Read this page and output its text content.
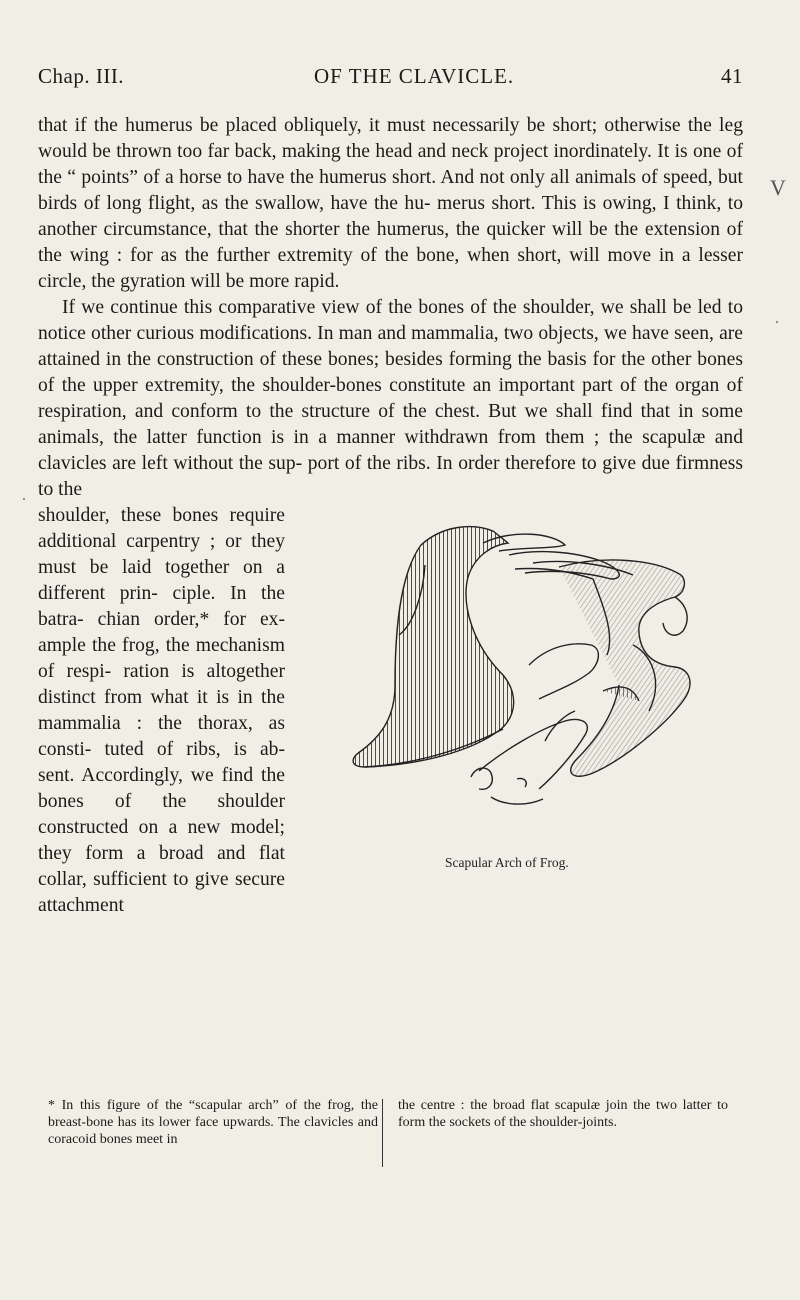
Chap. III.	OF THE CLAVICLE.	41
V
.
.

that if the humerus be placed obliquely, it must necessarily be short; otherwise the leg would be thrown too far back, making the head and neck project inordinately. It is one of the “ points” of a horse to have the humerus short. And not only all animals of speed, but birds of long flight, as the swallow, have the hu- merus short. This is owing, I think, to another circumstance, that the shorter the humerus, the quicker will be the extension of the wing : for as the further extremity of the bone, when short, will move in a lesser circle, the gyration will be more rapid.

If we continue this comparative view of the bones of the shoulder, we shall be led to notice other curious modifications. In man and mammalia, two objects, we have seen, are attained in the construction of these bones; besides forming the basis for the other bones of the upper extremity, the shoulder-bones constitute an important part of the organ of respiration, and conform to the structure of the chest. But we shall find that in some animals, the latter function is in a manner withdrawn from them ; the scapulæ and clavicles are left without the sup- port of the ribs. In order therefore to give due firmness to the

Scapular Arch of Frog.

shoulder, these bones require additional carpentry ; or they must be laid together on a different prin- ciple. In the batra- chian order,* for ex- ample the frog, the mechanism of respi- ration is altogether distinct from what it is in the mammalia : the thorax, as consti- tuted of ribs, is ab- sent. Accordingly, we find the bones of the shoulder constructed on a new model; they form a broad and flat collar, sufficient to give secure attachment

* In this figure of the “scapular arch” of the frog, the breast-bone has its lower face upwards. The clavicles and coracoid bones meet in
the centre : the broad flat scapulæ join the two latter to form the sockets of the shoulder-joints.
